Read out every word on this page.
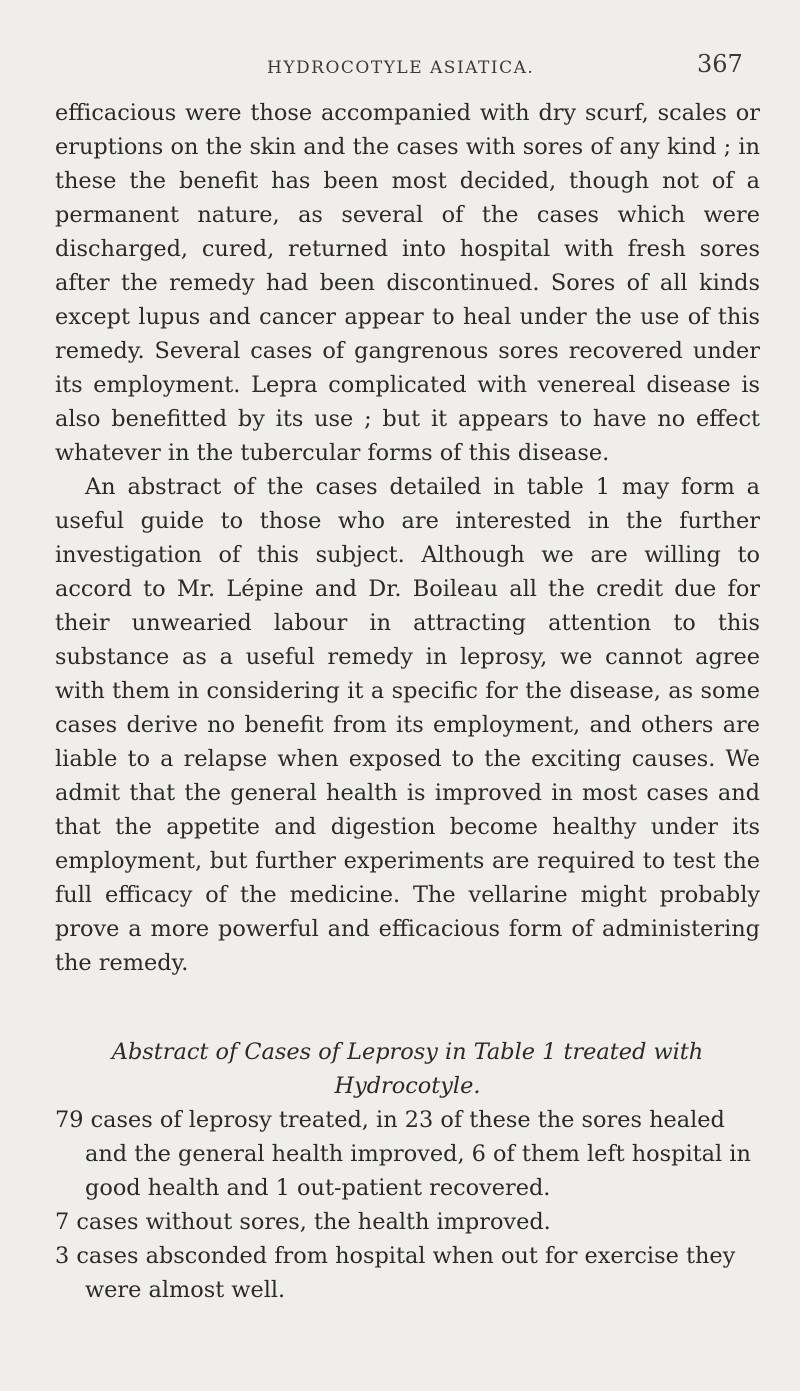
HYDROCOTYLE ASIATICA.	367

efficacious were those accompanied with dry scurf, scales or eruptions on the skin and the cases with sores of any kind ; in these the benefit has been most decided, though not of a permanent nature, as several of the cases which were discharged, cured, returned into hospital with fresh sores after the remedy had been discontinued. Sores of all kinds except lupus and cancer appear to heal under the use of this remedy. Several cases of gangrenous sores recovered under its employment. Lepra complicated with venereal disease is also benefitted by its use ; but it appears to have no effect whatever in the tubercular forms of this disease.

An abstract of the cases detailed in table 1 may form a useful guide to those who are interested in the further investigation of this subject. Although we are willing to accord to Mr. Lépine and Dr. Boileau all the credit due for their unwearied labour in attracting attention to this substance as a useful remedy in leprosy, we cannot agree with them in considering it a specific for the disease, as some cases derive no benefit from its employment, and others are liable to a relapse when exposed to the exciting causes. We admit that the general health is improved in most cases and that the appetite and digestion become healthy under its employment, but further experiments are required to test the full efficacy of the medicine. The vellarine might probably prove a more powerful and efficacious form of administering the remedy.

Abstract of Cases of Leprosy in Table 1 treated with Hydrocotyle.

79 cases of leprosy treated, in 23 of these the sores healed and the general health improved, 6 of them left hospital in good health and 1 out-patient recovered.

7 cases without sores, the health improved.

3 cases absconded from hospital when out for exercise they were almost well.
